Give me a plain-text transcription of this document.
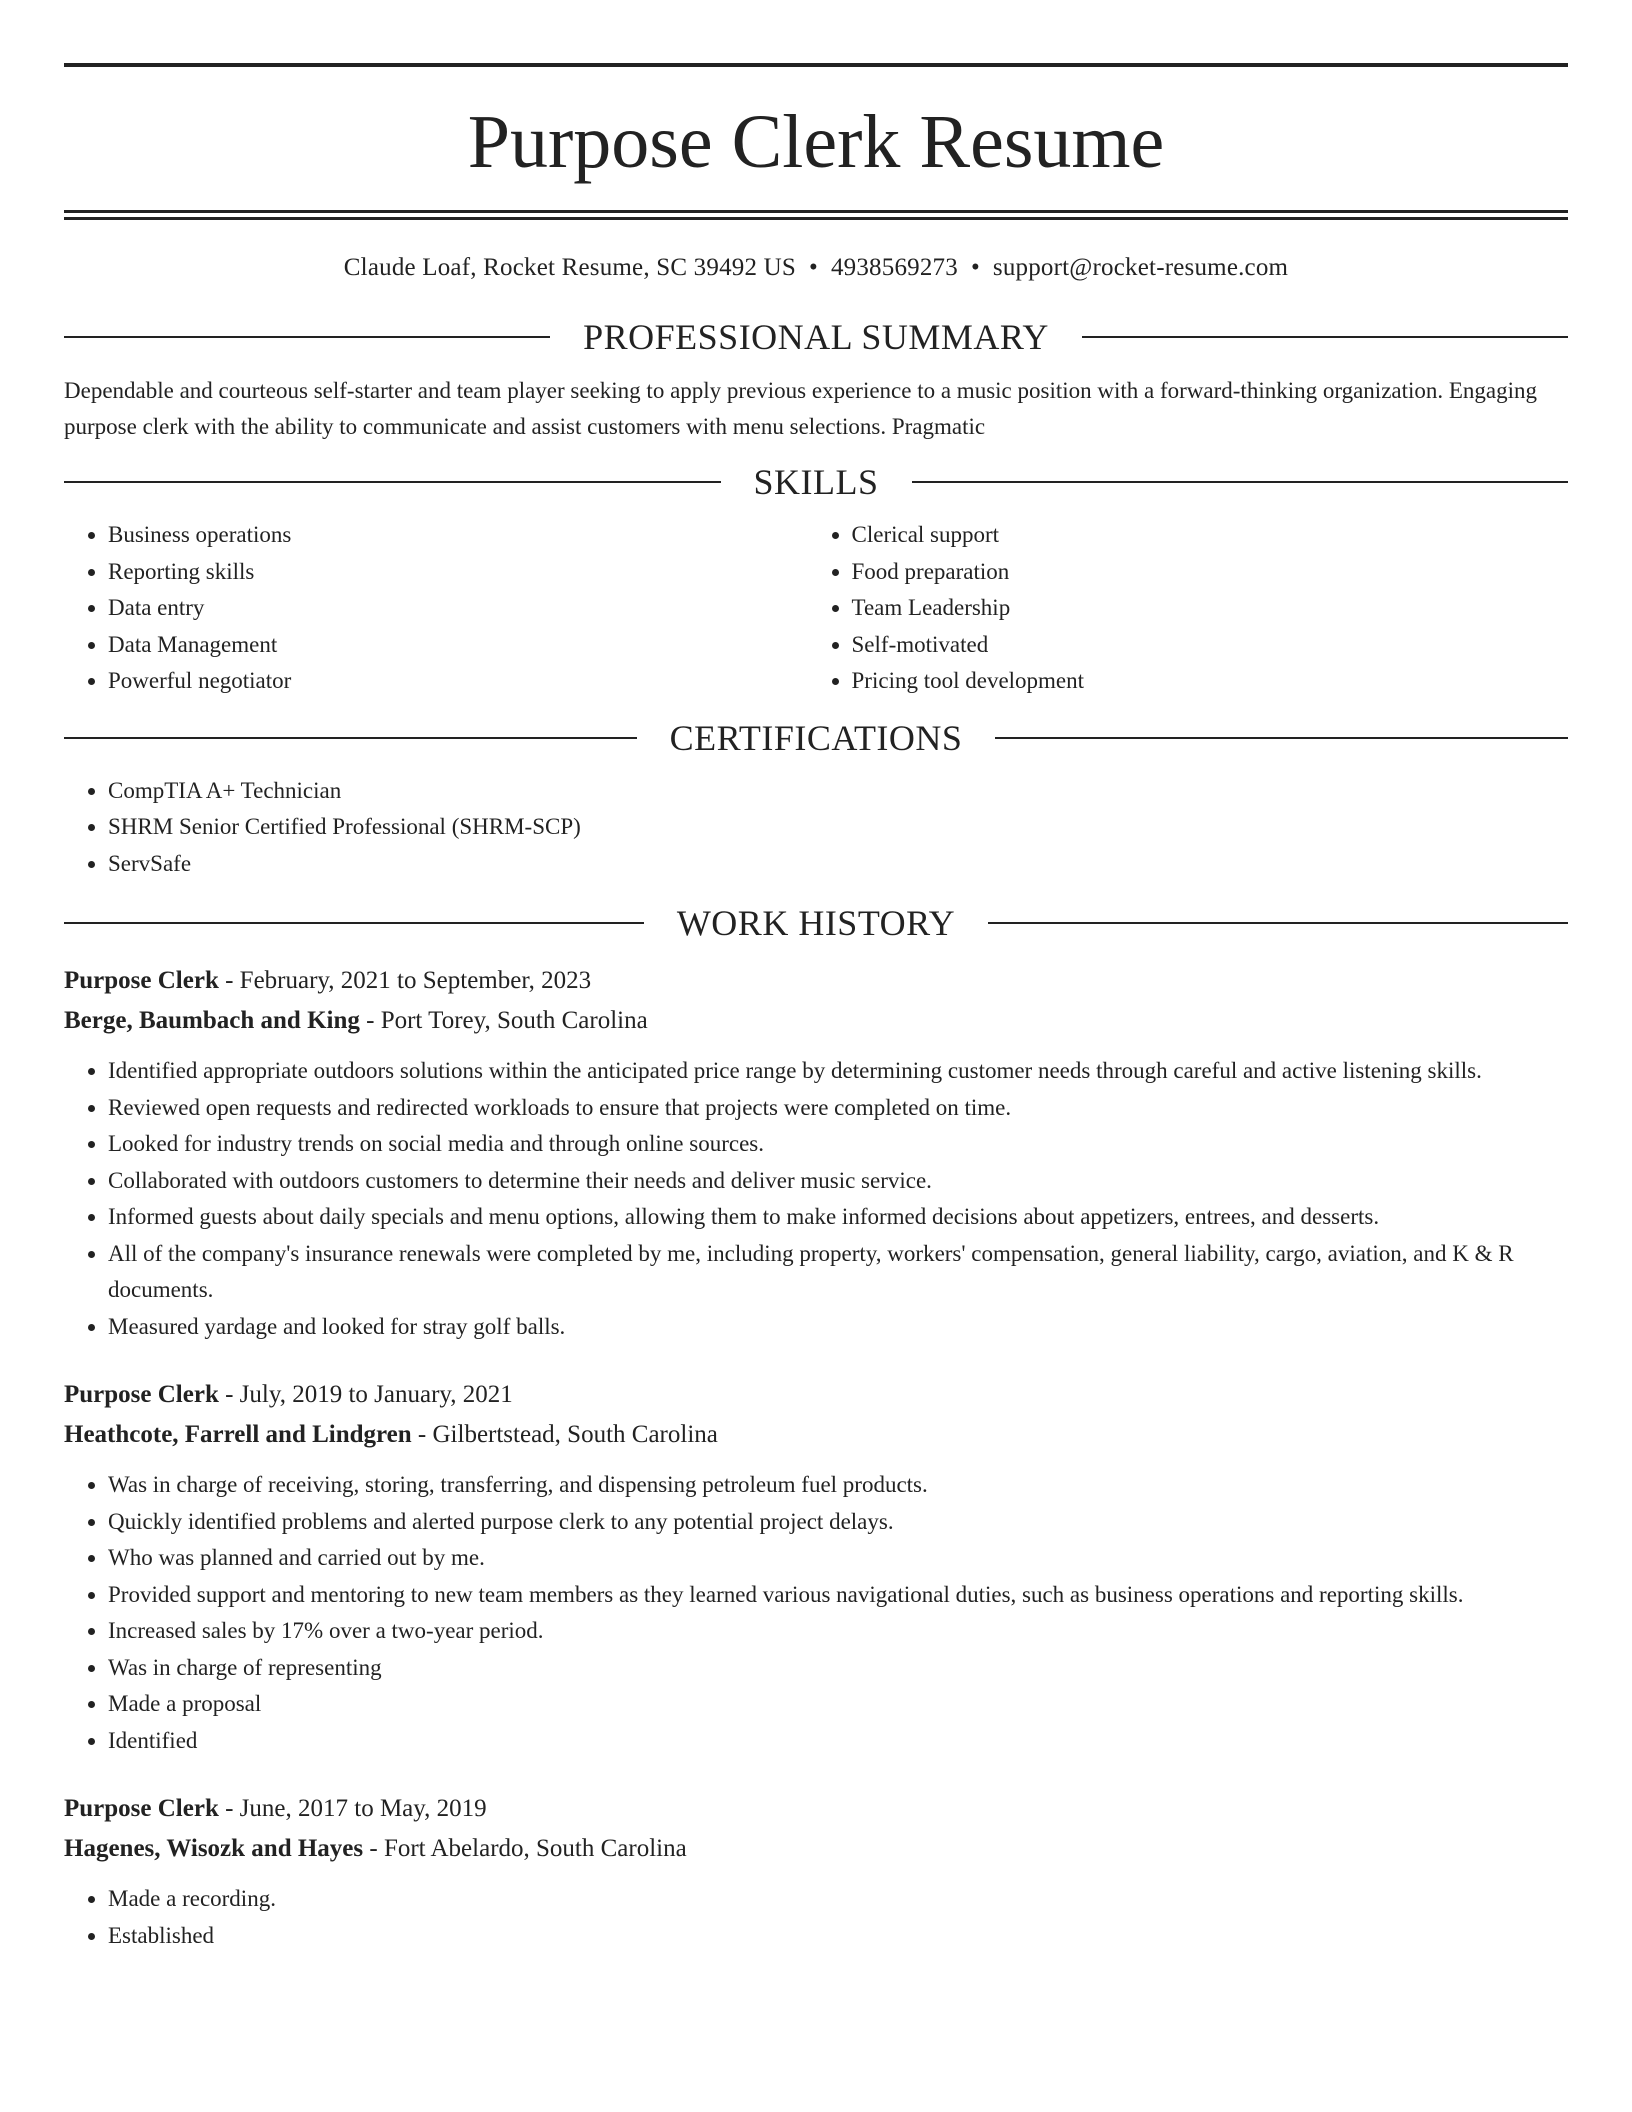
Purpose Clerk Resume
Claude Loaf, Rocket Resume, SC 39492 US • 4938569273 • support@rocket-resume.com
PROFESSIONAL SUMMARY

Dependable and courteous self-starter and team player seeking to apply previous experience to a music position with a forward-thinking organization. Engaging purpose clerk with the ability to communicate and assist customers with menu selections. Pragmatic

SKILLS
• Business operations
• Reporting skills
• Data entry
• Data Management
• Powerful negotiator
• Clerical support
• Food preparation
• Team Leadership
• Self-motivated
• Pricing tool development
CERTIFICATIONS
• CompTIA A+ Technician
• SHRM Senior Certified Professional (SHRM-SCP)
• ServSafe
WORK HISTORY
Purpose Clerk - February, 2021 to September, 2023
Berge, Baumbach and King - Port Torey, South Carolina
• Identified appropriate outdoors solutions within the anticipated price range by determining customer needs through careful and active listening skills.
• Reviewed open requests and redirected workloads to ensure that projects were completed on time.
• Looked for industry trends on social media and through online sources.
• Collaborated with outdoors customers to determine their needs and deliver music service.
• Informed guests about daily specials and menu options, allowing them to make informed decisions about appetizers, entrees, and desserts.
• All of the company's insurance renewals were completed by me, including property, workers' compensation, general liability, cargo, aviation, and K & R documents.
• Measured yardage and looked for stray golf balls.
Purpose Clerk - July, 2019 to January, 2021
Heathcote, Farrell and Lindgren - Gilbertstead, South Carolina
• Was in charge of receiving, storing, transferring, and dispensing petroleum fuel products.
• Quickly identified problems and alerted purpose clerk to any potential project delays.
• Who was planned and carried out by me.
• Provided support and mentoring to new team members as they learned various navigational duties, such as business operations and reporting skills.
• Increased sales by 17% over a two-year period.
• Was in charge of representing
• Made a proposal
• Identified
Purpose Clerk - June, 2017 to May, 2019
Hagenes, Wisozk and Hayes - Fort Abelardo, South Carolina
• Made a recording.
• Established
